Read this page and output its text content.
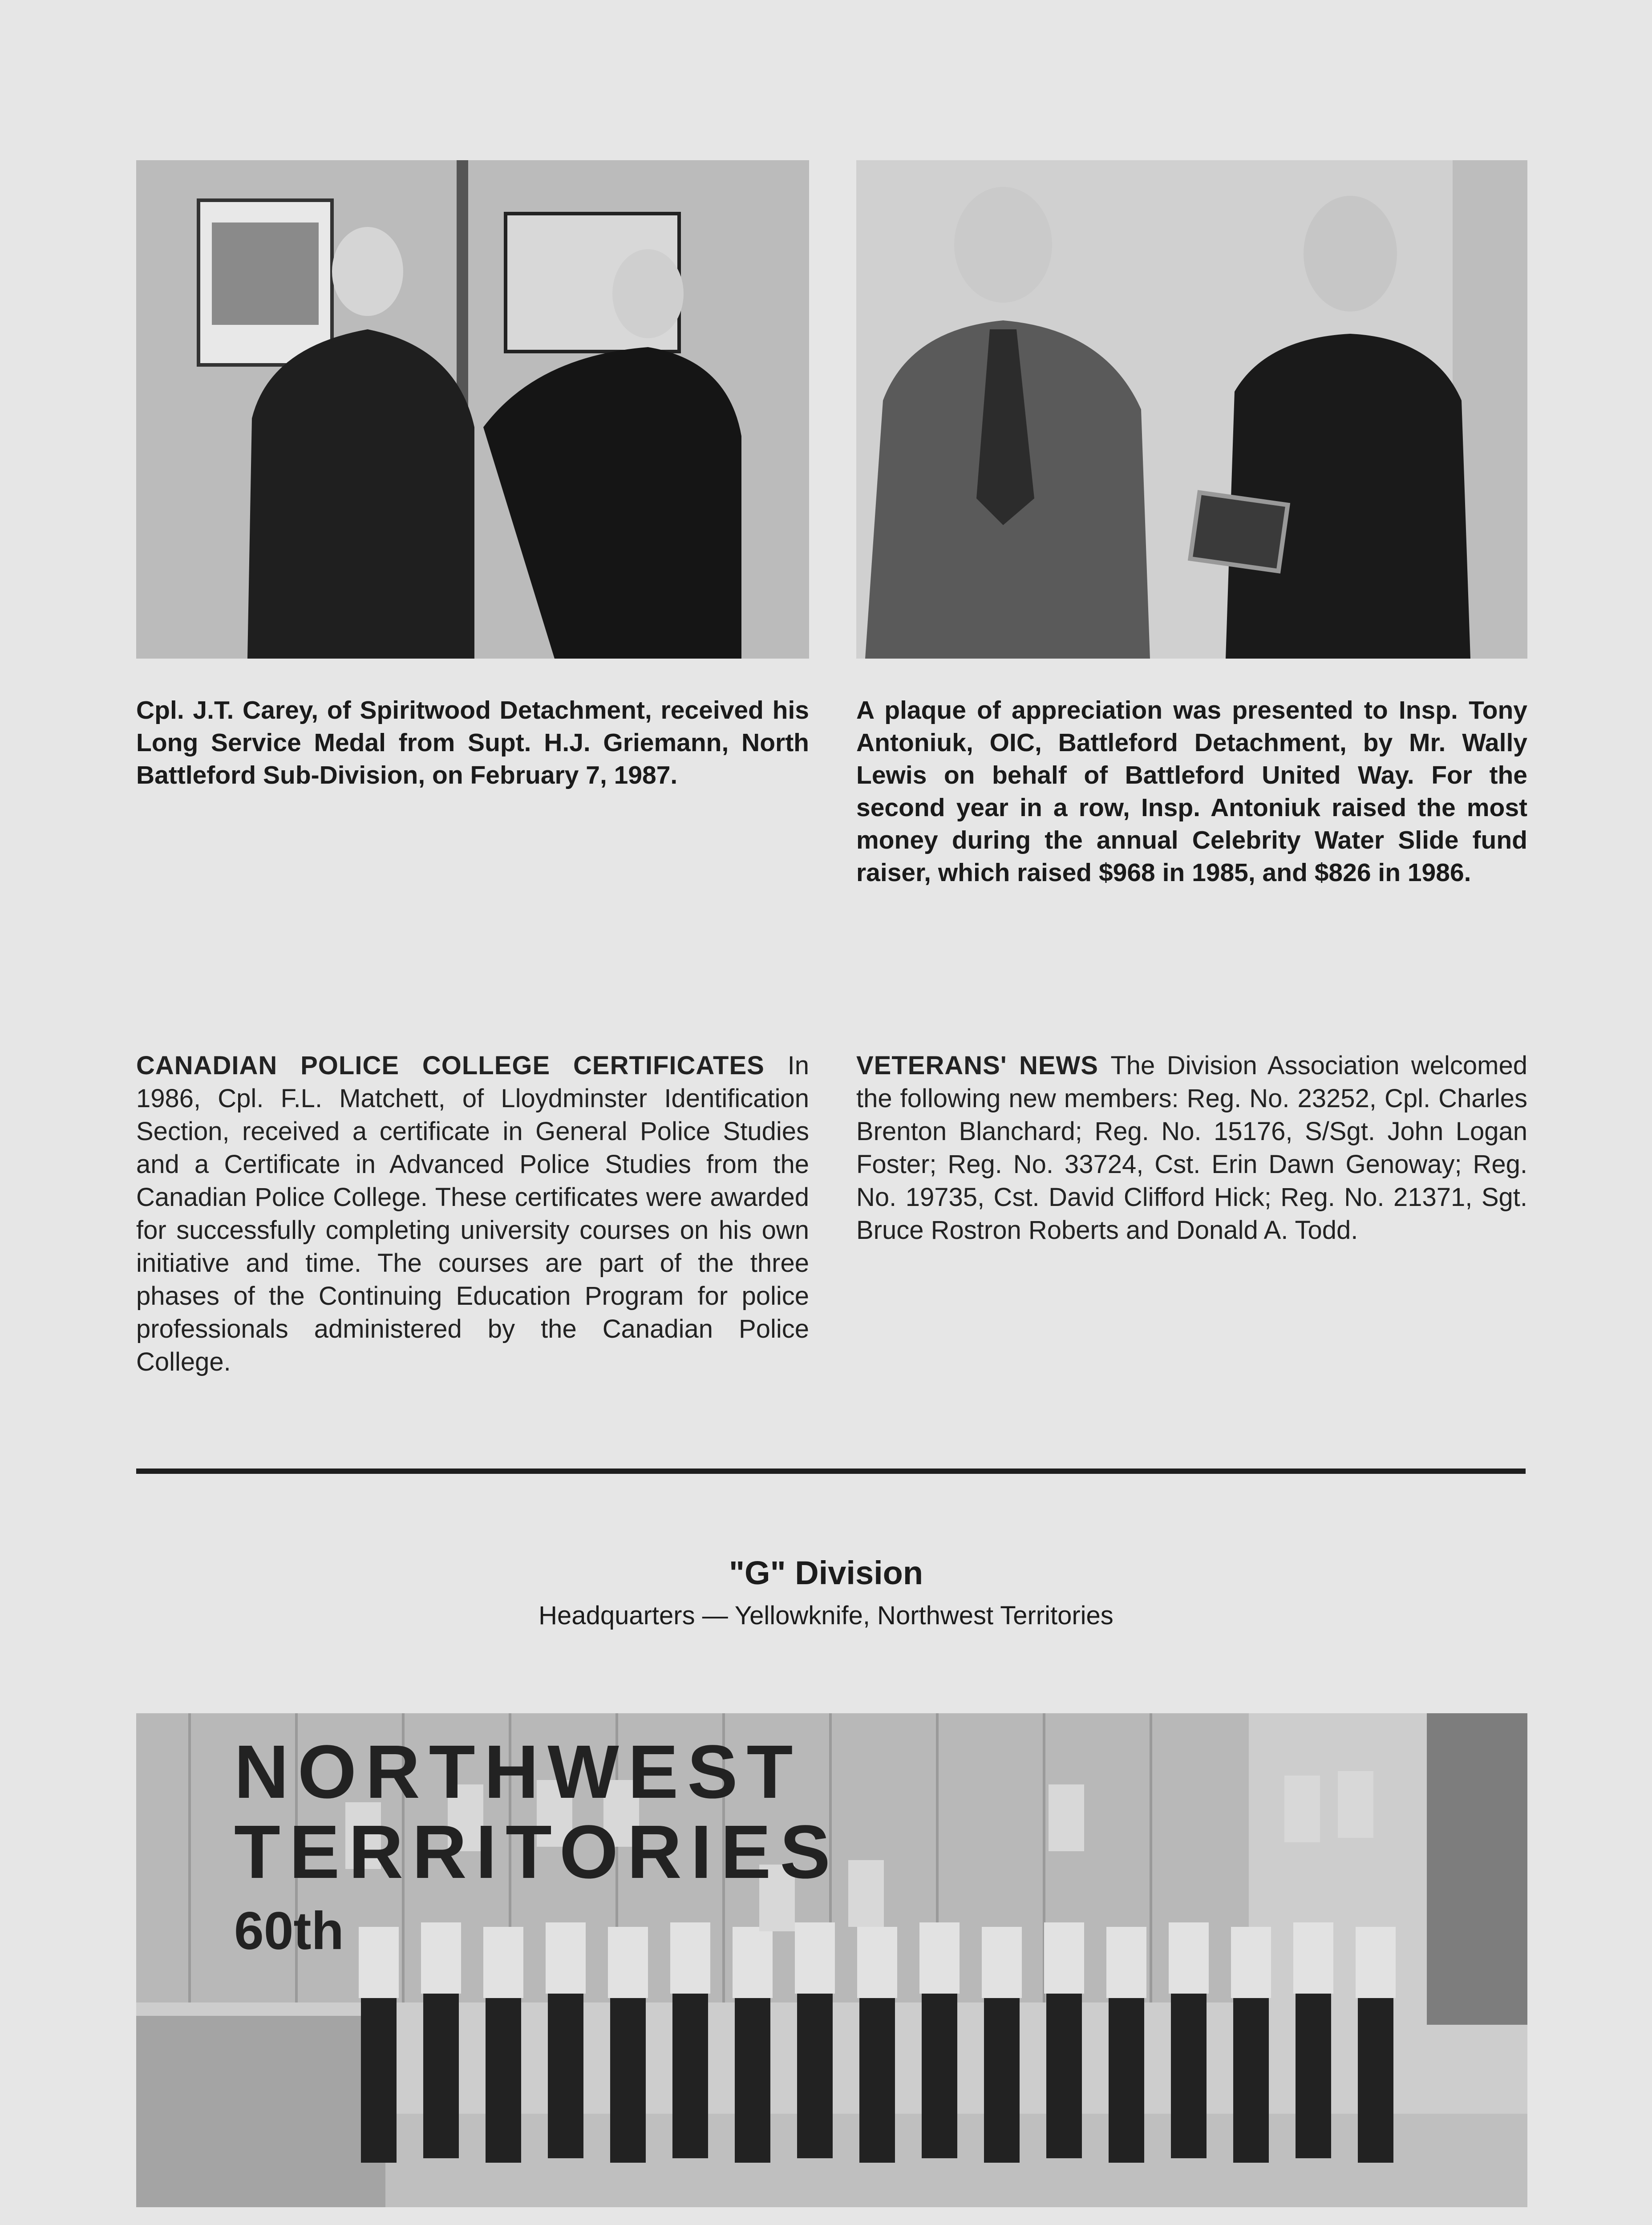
Cpl. J.T. Carey, of Spiritwood Detachment, received his Long Service Medal from Supt. H.J. Griemann, North Battleford Sub-Division, on February 7, 1987.

A plaque of appreciation was presented to Insp. Tony Antoniuk, OIC, Battleford Detachment, by Mr. Wally Lewis on behalf of Battleford United Way. For the second year in a row, Insp. Antoniuk raised the most money during the annual Celebrity Water Slide fund raiser, which raised $968 in 1985, and $826 in 1986.

CANADIAN POLICE COLLEGE CERTIFICATES In 1986, Cpl. F.L. Matchett, of Lloydminster Identification Section, received a certificate in General Police Studies and a Certificate in Advanced Police Studies from the Canadian Police College. These certificates were awarded for successfully completing university courses on his own initiative and time. The courses are part of the three phases of the Continuing Education Program for police professionals administered by the Canadian Police College.

VETERANS' NEWS The Division Association welcomed the following new members: Reg. No. 23252, Cpl. Charles Brenton Blanchard; Reg. No. 15176, S/Sgt. John Logan Foster; Reg. No. 33724, Cst. Erin Dawn Genoway; Reg. No. 19735, Cst. David Clifford Hick; Reg. No. 21371, Sgt. Bruce Rostron Roberts and Donald A. Todd.

"G" Division
Headquarters — Yellowknife, Northwest Territories
NORTHWEST
TERRITORIES
60th
